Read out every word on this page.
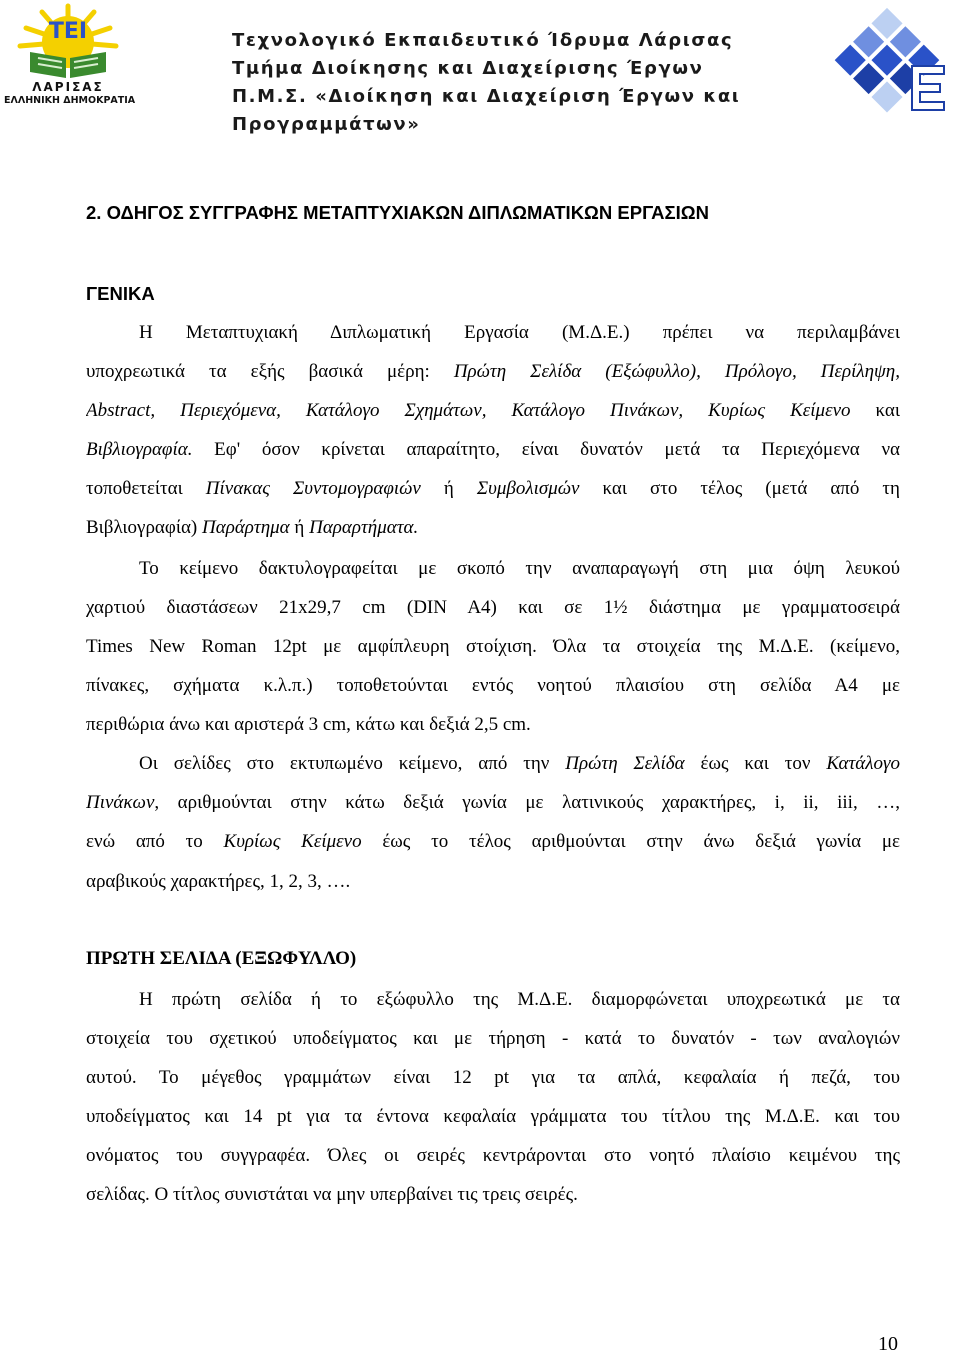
TEI
ΛΑΡΙΣΑΣ
ΕΛΛΗΝΙΚΗ ΔΗΜΟΚΡΑΤΙΑ
Τεχνολογικό Εκπαιδευτικό Ίδρυμα Λάρισας
Τμήμα Διοίκησης και Διαχείρισης Έργων
Π.Μ.Σ. «Διοίκηση και Διαχείριση Έργων και
Προγραμμάτων»
2. ΟΔΗΓΟΣ ΣΥΓΓΡΑΦΗΣ ΜΕΤΑΠΤΥΧΙΑΚΩΝ ΔΙΠΛΩΜΑΤΙΚΩΝ ΕΡΓΑΣΙΩΝ
ΓΕΝΙΚΑ
Η Μεταπτυχιακή Διπλωματική Εργασία (Μ.Δ.Ε.) πρέπει να περιλαμβάνει
υποχρεωτικά τα εξής βασικά μέρη: Πρώτη Σελίδα (Εξώφυλλο), Πρόλογο, Περίληψη,
Abstract, Περιεχόμενα, Κατάλογο Σχημάτων, Κατάλογο Πινάκων, Κυρίως Κείμενο και
Βιβλιογραφία. Εφ' όσον κρίνεται απαραίτητο, είναι δυνατόν μετά τα Περιεχόμενα να
τοποθετείται Πίνακας Συντομογραφιών ή Συμβολισμών και στο τέλος (μετά από τη
Βιβλιογραφία) Παράρτημα ή Παραρτήματα.
Το κείμενο δακτυλογραφείται με σκοπό την αναπαραγωγή στη μια όψη λευκού
χαρτιού διαστάσεων 21x29,7 cm (DIN A4) και σε 1½ διάστημα με γραμματοσειρά
Times New Roman 12pt με αμφίπλευρη στοίχιση. Όλα τα στοιχεία της Μ.Δ.Ε. (κείμενο,
πίνακες, σχήματα κ.λ.π.) τοποθετούνται εντός νοητού πλαισίου στη σελίδα Α4 με
περιθώρια άνω και αριστερά 3 cm, κάτω και δεξιά 2,5 cm.
Οι σελίδες στο εκτυπωμένο κείμενο, από την Πρώτη Σελίδα έως και τον Κατάλογο
Πινάκων, αριθμούνται στην κάτω δεξιά γωνία με λατινικούς χαρακτήρες, i, ii, iii, …,
ενώ από το Κυρίως Κείμενο έως το τέλος αριθμούνται στην άνω δεξιά γωνία με
αραβικούς χαρακτήρες, 1, 2, 3, ….
ΠΡΩΤΗ ΣΕΛΙΔΑ (ΕΞΩΦΥΛΛΟ)
Η πρώτη σελίδα ή το εξώφυλλο της Μ.Δ.Ε. διαμορφώνεται υποχρεωτικά με τα
στοιχεία του σχετικού υποδείγματος και με τήρηση - κατά το δυνατόν - των αναλογιών
αυτού. Το μέγεθος γραμμάτων είναι 12 pt για τα απλά, κεφαλαία ή πεζά, του
υποδείγματος και 14 pt για τα έντονα κεφαλαία γράμματα του τίτλου της Μ.Δ.Ε. και του
ονόματος του συγγραφέα. Όλες οι σειρές κεντράρονται στο νοητό πλαίσιο κειμένου της
σελίδας. Ο τίτλος συνιστάται να μην υπερβαίνει τις τρεις σειρές.
10
